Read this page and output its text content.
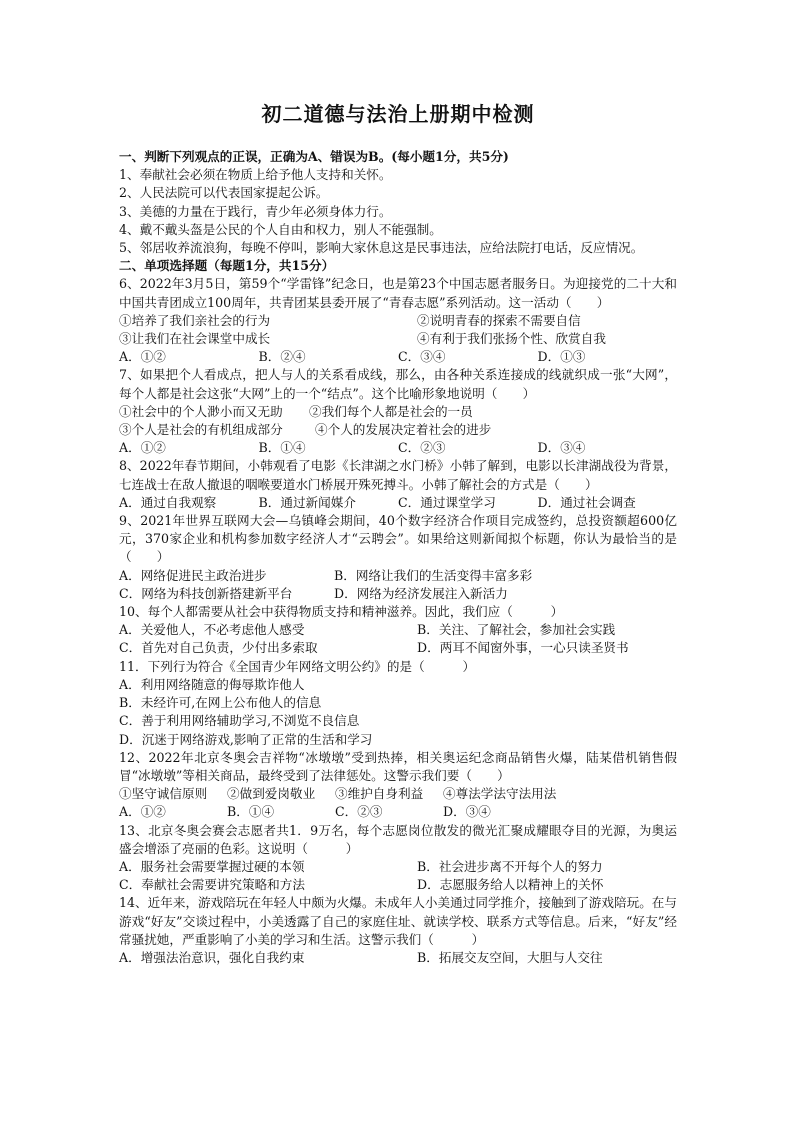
初二道德与法治上册期中检测
一、判断下列观点的正误，正确为A、错误为B。(每小题1分，共5分)
1、奉献社会必须在物质上给予他人支持和关怀。
2、人民法院可以代表国家提起公诉。
3、美德的力量在于践行，青少年必须身体力行。
4、戴不戴头盔是公民的个人自由和权力，别人不能强制。
5、邻居收养流浪狗，每晚不停叫，影响大家休息这是民事违法，应给法院打电话，反应情况。
二、单项选择题（每题1分，共15分）
6、2022年3月5日，第59个“学雷锋”纪念日，也是第23个中国志愿者服务日。为迎接党的二十大和中国共青团成立100周年，共青团某县委开展了“青春志愿”系列活动。这一活动（　　）
①培养了我们亲社会的行为	②说明青春的探索不需要自信
③让我们在社会课堂中成长	④有利于我们张扬个性、欣赏自我
A．①②	B．②④	C．③④	D．①③
7、如果把个人看成点，把人与人的关系看成线，那么，由各种关系连接成的线就织成一张“大网”，每个人都是社会这张“大网”上的一个“结点”。这个比喻形象地说明（　　）
①社会中的个人渺小而又无助	②我们每个人都是社会的一员
③个人是社会的有机组成部分	④个人的发展决定着社会的进步
A．①②	B．①④	C．②③	D．③④
8、2022年春节期间，小韩观看了电影《长津湖之水门桥》小韩了解到，电影以长津湖战役为背景，七连战士在敌人撤退的咽喉要道水门桥展开殊死搏斗。小韩了解社会的方式是（　　）
A．通过自我观察	B．通过新闻媒介	C．通过课堂学习	D．通过社会调查
9、2021年世界互联网大会—乌镇峰会期间，40个数字经济合作项目完成签约，总投资额超600亿元，370家企业和机构参加数字经济人才“云聘会”。如果给这则新闻拟个标题，你认为最恰当的是（　　）
A．网络促进民主政治进步	B．网络让我们的生活变得丰富多彩
C．网络为科技创新搭建新平台	D．网络为经济发展注入新活力
10、每个人都需要从社会中获得物质支持和精神滋养。因此，我们应（　　　）
A．关爱他人，不必考虑他人感受	B．关注、了解社会，参加社会实践
C．首先对自己负责，少付出多索取	D．两耳不闻窗外事，一心只读圣贤书
11．下列行为符合《全国青少年网络文明公约》的是（　　　）
A．利用网络随意的侮辱欺诈他人
B．未经许可,在网上公布他人的信息
C．善于利用网络辅助学习,不浏览不良信息
D．沉迷于网络游戏,影响了正常的生活和学习
12、2022年北京冬奥会吉祥物“冰墩墩”受到热捧，相关奥运纪念商品销售火爆，陆某借机销售假冒“冰墩墩”等相关商品，最终受到了法律惩处。这警示我们要（　　）
①坚守诚信原则	②做到爱岗敬业	③维护自身利益	④尊法学法守法用法
A．①②	B．①④	C．②③	D．③④
13、北京冬奥会赛会志愿者共1．9万名，每个志愿岗位散发的微光汇聚成耀眼夺目的光源，为奥运盛会增添了亮丽的色彩。这说明（　　　）
A．服务社会需要掌握过硬的本领	B．社会进步离不开每个人的努力
C．奉献社会需要讲究策略和方法	D．志愿服务给人以精神上的关怀
14、近年来，游戏陪玩在年轻人中颇为火爆。未成年人小美通过同学推介，接触到了游戏陪玩。在与游戏“好友”交谈过程中，小美透露了自己的家庭住址、就读学校、联系方式等信息。后来，“好友”经常骚扰她，严重影响了小美的学习和生活。这警示我们（　　　）
A．增强法治意识，强化自我约束	B．拓展交友空间，大胆与人交往
